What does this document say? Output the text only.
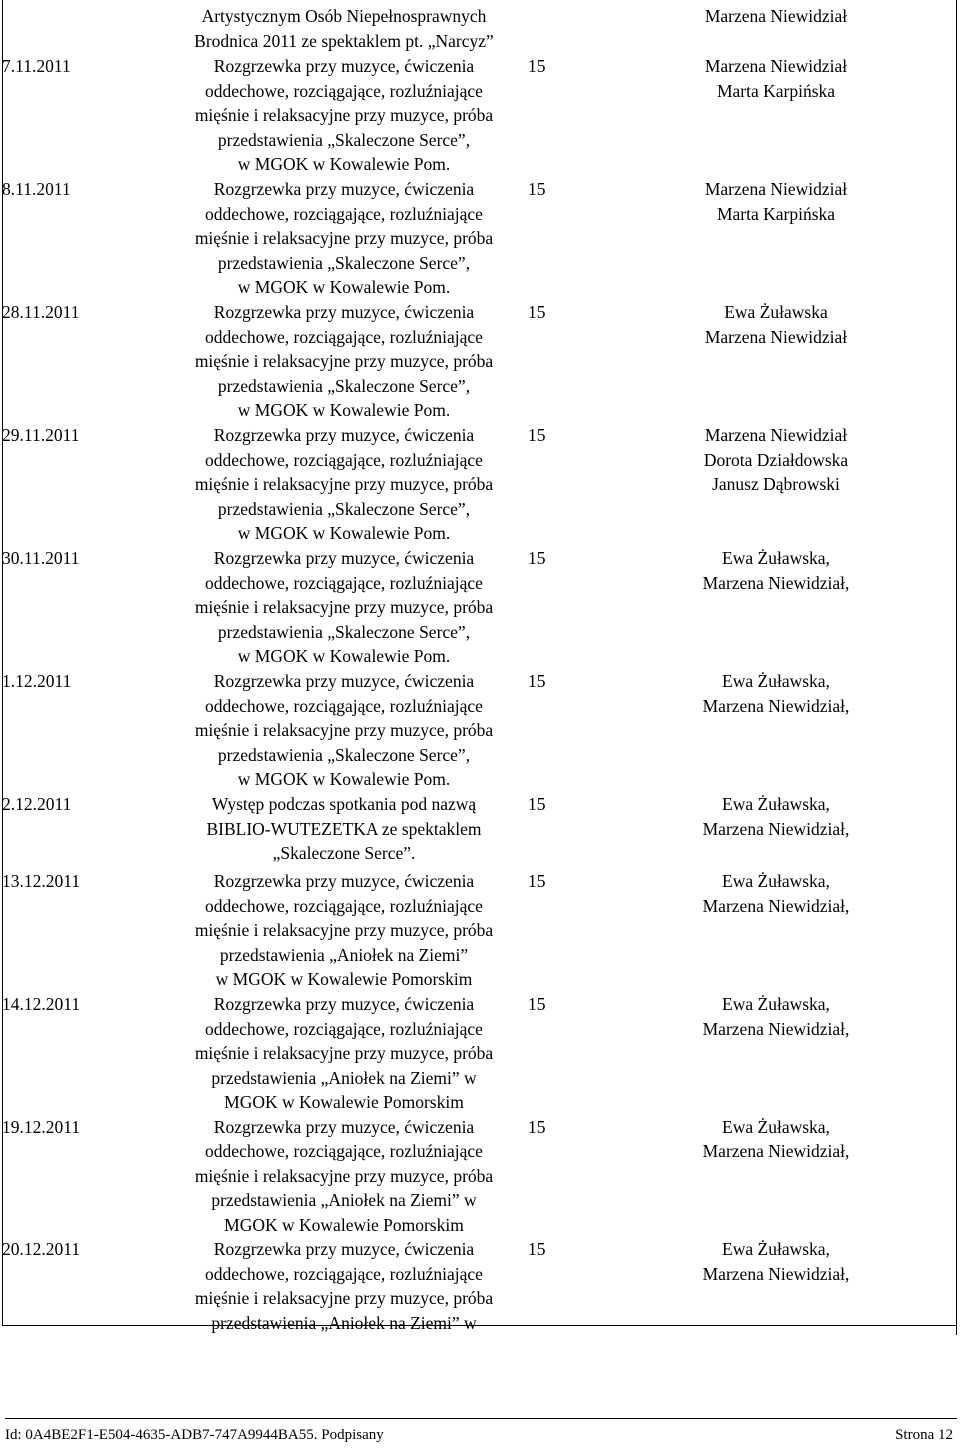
	Artystycznym Osób Niepełnosprawnych
Brodnica 2011 ze spektaklem pt. „Narcyz”		Marzena Niewidział

7.11.2011	Rozgrzewka przy muzyce, ćwiczenia
oddechowe, rozciągające, rozluźniające
mięśnie i relaksacyjne przy muzyce, próba
przedstawienia „Skaleczone Serce”,
w MGOK w Kowalewie Pom.	15	Marzena Niewidział
Marta Karpińska

8.11.2011	Rozgrzewka przy muzyce, ćwiczenia
oddechowe, rozciągające, rozluźniające
mięśnie i relaksacyjne przy muzyce, próba
przedstawienia „Skaleczone Serce”,
w MGOK w Kowalewie Pom.	15	Marzena Niewidział
Marta Karpińska

28.11.2011	Rozgrzewka przy muzyce, ćwiczenia
oddechowe, rozciągające, rozluźniające
mięśnie i relaksacyjne przy muzyce, próba
przedstawienia „Skaleczone Serce”,
w MGOK w Kowalewie Pom.	15	Ewa Żuławska
Marzena Niewidział

29.11.2011	Rozgrzewka przy muzyce, ćwiczenia
oddechowe, rozciągające, rozluźniające
mięśnie i relaksacyjne przy muzyce, próba
przedstawienia „Skaleczone Serce”,
w MGOK w Kowalewie Pom.	15	Marzena Niewidział
Dorota Działdowska
Janusz Dąbrowski

30.11.2011	Rozgrzewka przy muzyce, ćwiczenia
oddechowe, rozciągające, rozluźniające
mięśnie i relaksacyjne przy muzyce, próba
przedstawienia „Skaleczone Serce”,
w MGOK w Kowalewie Pom.	15	Ewa Żuławska,
Marzena Niewidział,

1.12.2011	Rozgrzewka przy muzyce, ćwiczenia
oddechowe, rozciągające, rozluźniające
mięśnie i relaksacyjne przy muzyce, próba
przedstawienia „Skaleczone Serce”,
w MGOK w Kowalewie Pom.	15	Ewa Żuławska,
Marzena Niewidział,

2.12.2011	Występ podczas spotkania pod nazwą
BIBLIO-WUTEZETKA ze spektaklem
„Skaleczone Serce”.	15	Ewa Żuławska,
Marzena Niewidział,

13.12.2011	Rozgrzewka przy muzyce, ćwiczenia
oddechowe, rozciągające, rozluźniające
mięśnie i relaksacyjne przy muzyce, próba
przedstawienia „Aniołek na Ziemi”
w MGOK w Kowalewie Pomorskim	15	Ewa Żuławska,
Marzena Niewidział,

14.12.2011	Rozgrzewka przy muzyce, ćwiczenia
oddechowe, rozciągające, rozluźniające
mięśnie i relaksacyjne przy muzyce, próba
przedstawienia „Aniołek na Ziemi” w
MGOK w Kowalewie Pomorskim	15	Ewa Żuławska,
Marzena Niewidział,

19.12.2011	Rozgrzewka przy muzyce, ćwiczenia
oddechowe, rozciągające, rozluźniające
mięśnie i relaksacyjne przy muzyce, próba
przedstawienia „Aniołek na Ziemi” w
MGOK w Kowalewie Pomorskim	15	Ewa Żuławska,
Marzena Niewidział,

20.12.2011	Rozgrzewka przy muzyce, ćwiczenia
oddechowe, rozciągające, rozluźniające
mięśnie i relaksacyjne przy muzyce, próba
przedstawienia „Aniołek na Ziemi” w	15	Ewa Żuławska,
Marzena Niewidział,
Id: 0A4BE2F1-E504-4635-ADB7-747A9944BA55. Podpisany	Strona 12
